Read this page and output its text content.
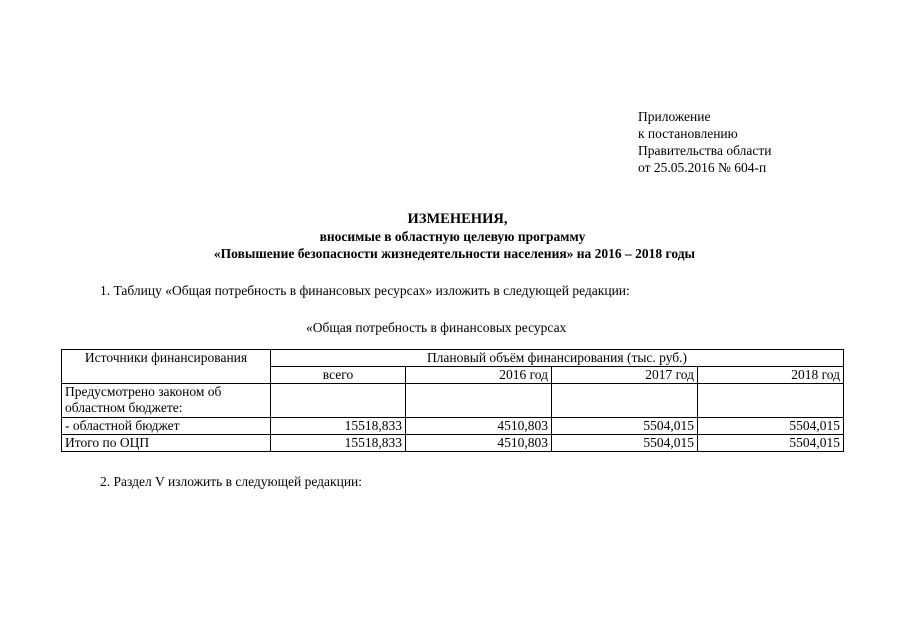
Приложение
к постановлению
Правительства области
от 25.05.2016 № 604-п
ИЗМЕНЕНИЯ,
вносимые в областную целевую программу
«Повышение безопасности жизнедеятельности населения» на 2016 – 2018 годы
1. Таблицу «Общая потребность в финансовых ресурсах» изложить в следующей редакции:
«Общая потребность в финансовых ресурсах
Источники финансирования	Плановый объём финансирования (тыс. руб.)			
	всего	2016 год	2017 год	2018 год
Предусмотрено законом об областном бюджете:				
- областной бюджет	15518,833	4510,803	5504,015	5504,015
Итого по ОЦП	15518,833	4510,803	5504,015	5504,015
2. Раздел V изложить в следующей редакции:
